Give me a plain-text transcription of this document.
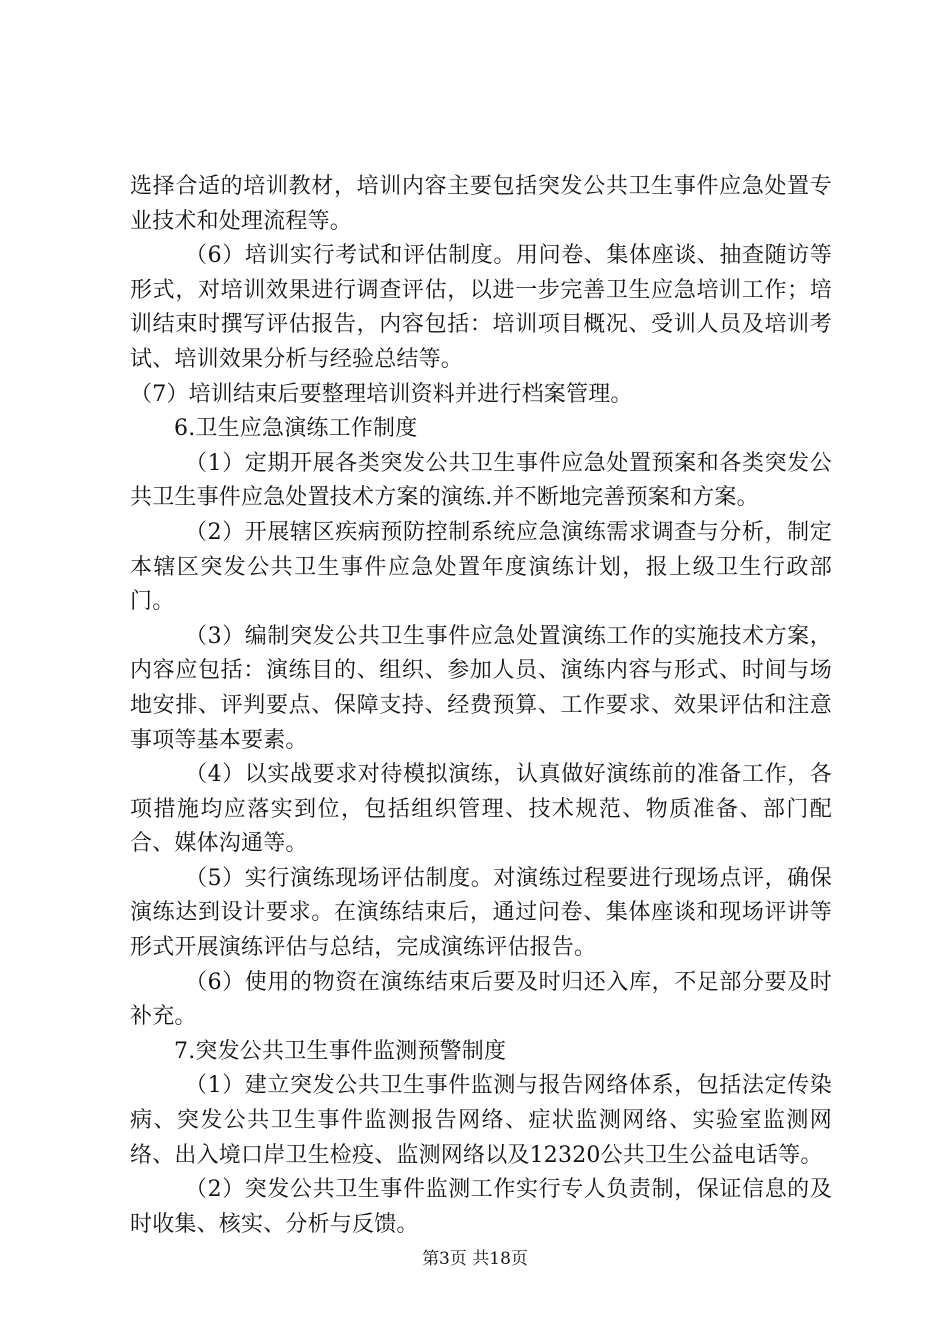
选择合适的培训教材，培训内容主要包括突发公共卫生事件应急处置专业技术和处理流程等。

（6）培训实行考试和评估制度。用问卷、集体座谈、抽查随访等形式，对培训效果进行调查评估，以进一步完善卫生应急培训工作；培训结束时撰写评估报告，内容包括：培训项目概况、受训人员及培训考试、培训效果分析与经验总结等。

（7）培训结束后要整理培训资料并进行档案管理。

6.卫生应急演练工作制度

（1）定期开展各类突发公共卫生事件应急处置预案和各类突发公共卫生事件应急处置技术方案的演练.并不断地完善预案和方案。

（2）开展辖区疾病预防控制系统应急演练需求调查与分析，制定本辖区突发公共卫生事件应急处置年度演练计划，报上级卫生行政部门。

（3）编制突发公共卫生事件应急处置演练工作的实施技术方案，内容应包括：演练目的、组织、参加人员、演练内容与形式、时间与场地安排、评判要点、保障支持、经费预算、工作要求、效果评估和注意事项等基本要素。

（4）以实战要求对待模拟演练，认真做好演练前的准备工作，各项措施均应落实到位，包括组织管理、技术规范、物质准备、部门配合、媒体沟通等。

（5）实行演练现场评估制度。对演练过程要进行现场点评，确保演练达到设计要求。在演练结束后，通过问卷、集体座谈和现场评讲等形式开展演练评估与总结，完成演练评估报告。

（6）使用的物资在演练结束后要及时归还入库，不足部分要及时补充。

7.突发公共卫生事件监测预警制度

（1）建立突发公共卫生事件监测与报告网络体系，包括法定传染病、突发公共卫生事件监测报告网络、症状监测网络、实验室监测网络、出入境口岸卫生检疫、监测网络以及12320公共卫生公益电话等。

（2）突发公共卫生事件监测工作实行专人负责制，保证信息的及时收集、核实、分析与反馈。

第3页 共18页
